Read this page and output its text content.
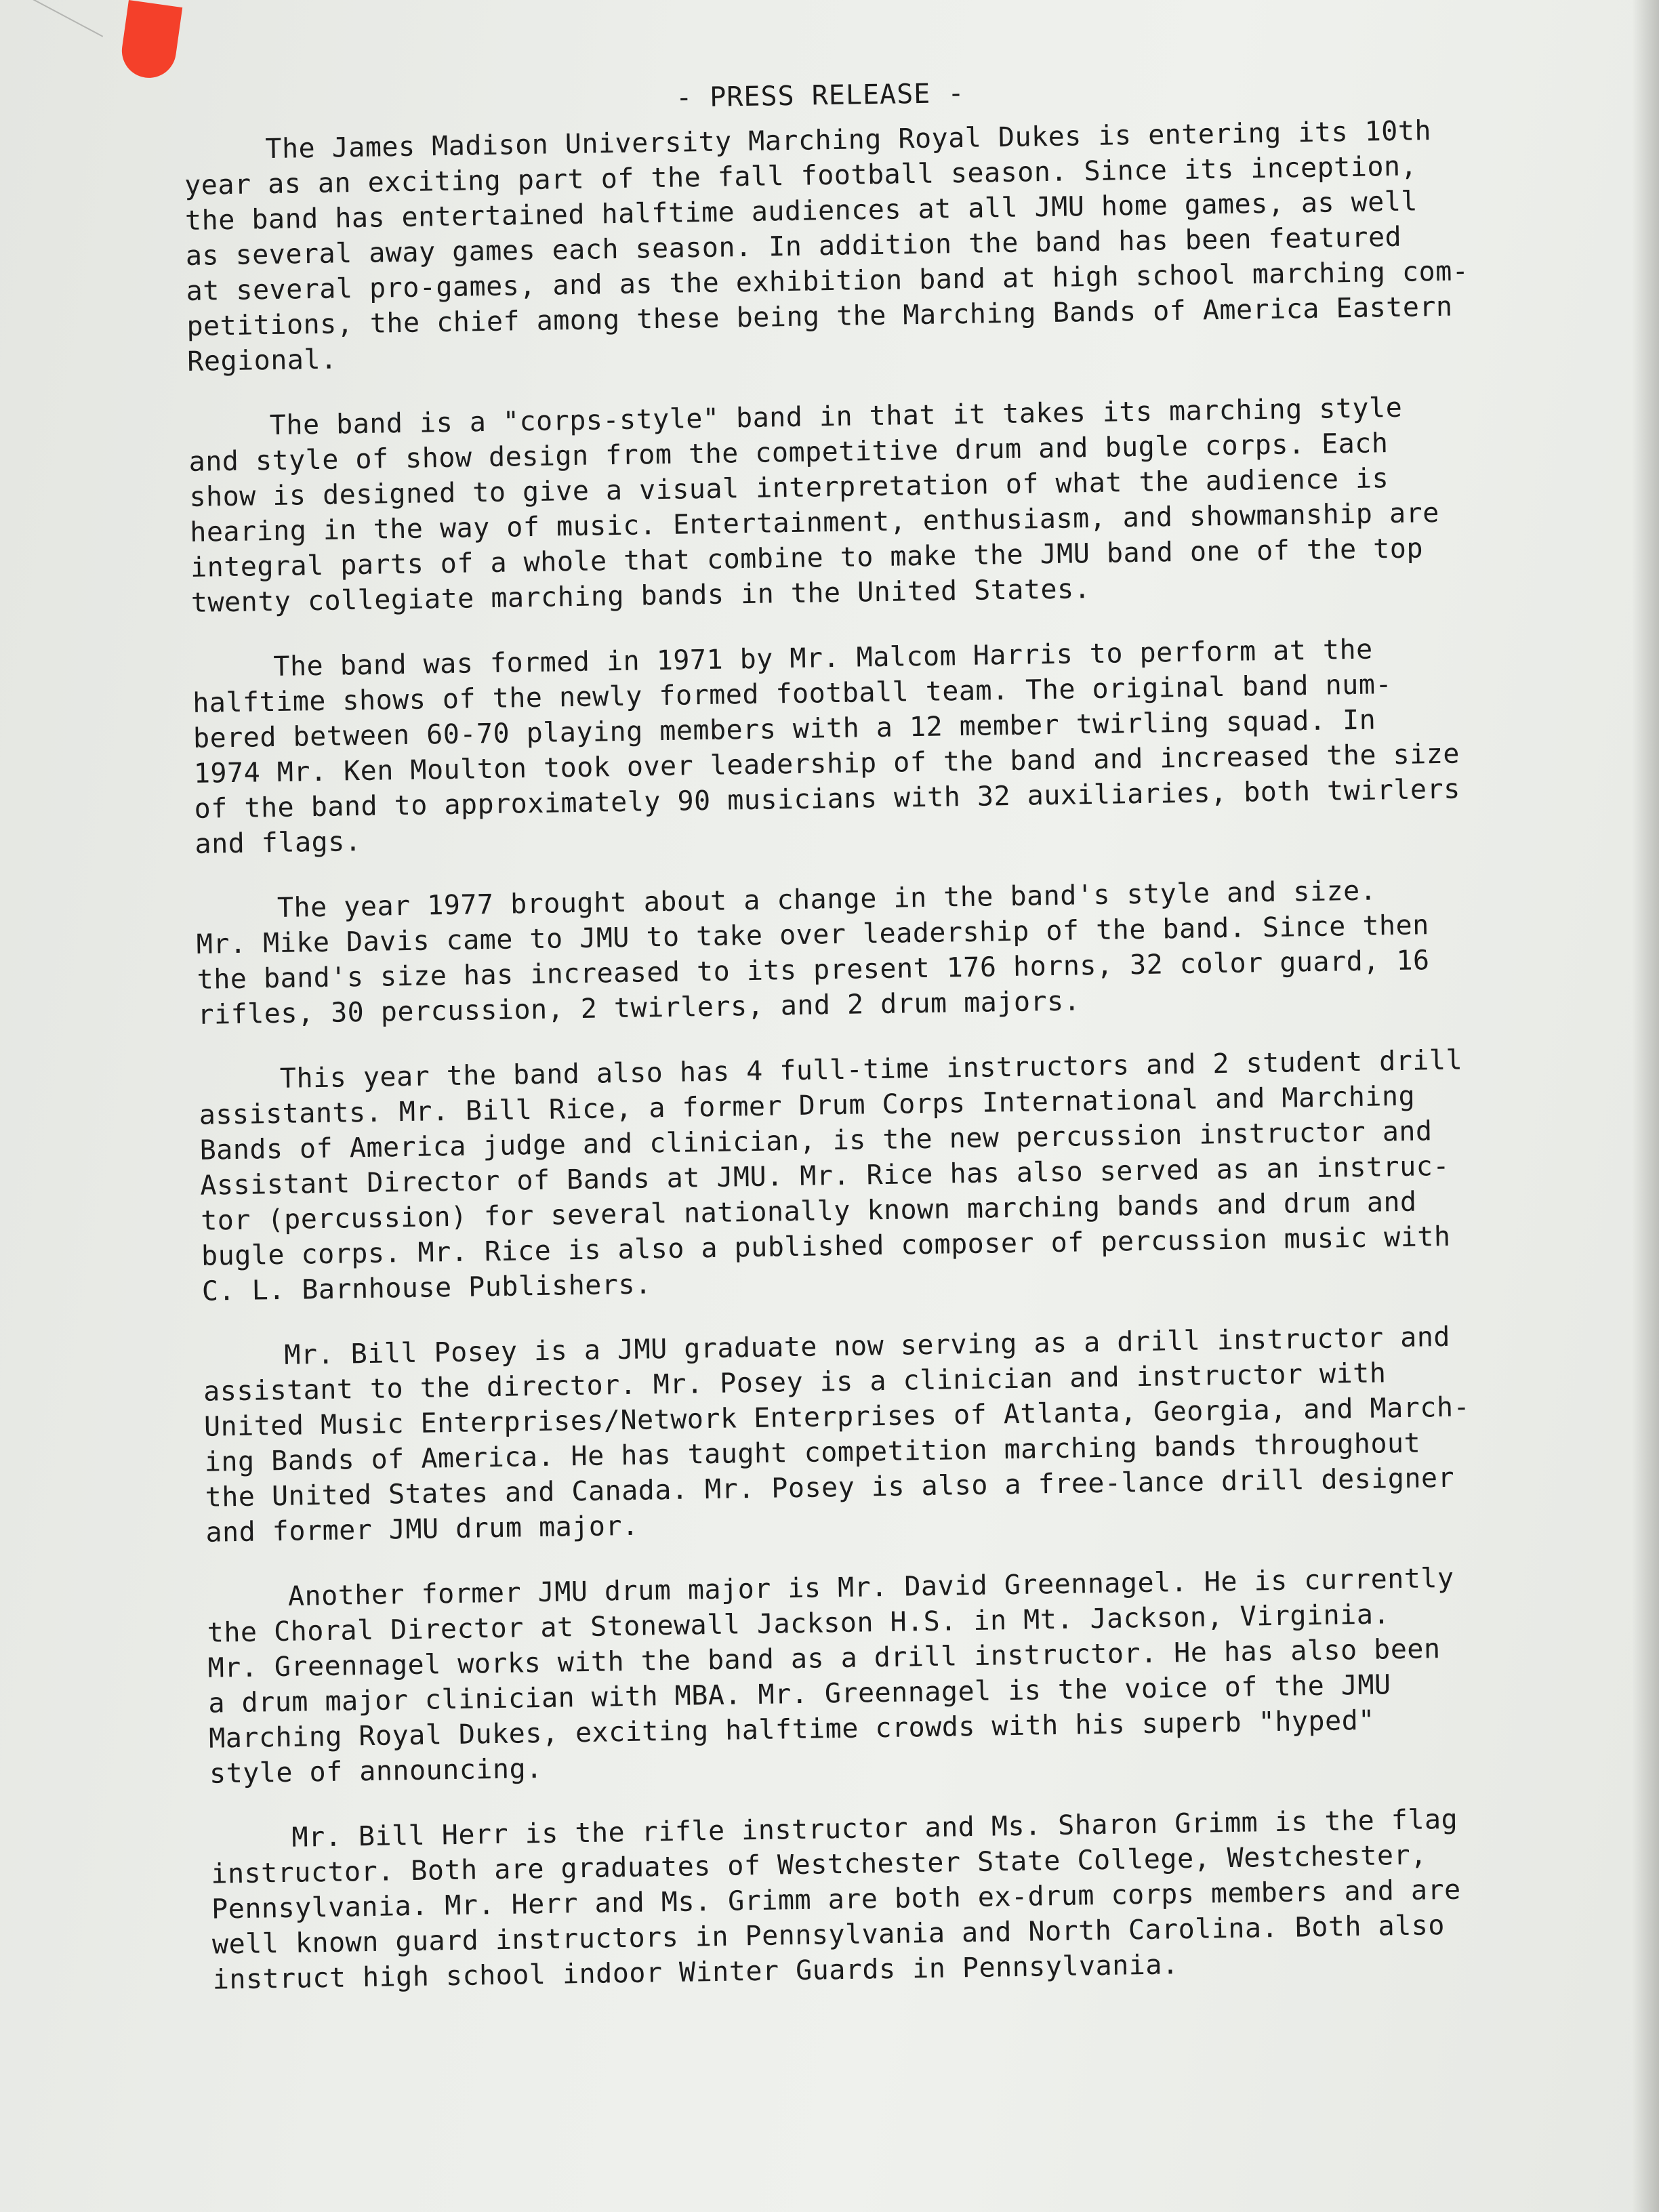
- PRESS RELEASE -

The James Madison University Marching Royal Dukes is entering its 10th
year as an exciting part of the fall football season. Since its inception,
the band has entertained halftime audiences at all JMU home games, as well
as several away games each season. In addition the band has been featured
at several pro-games, and as the exhibition band at high school marching com-
petitions, the chief among these being the Marching Bands of America Eastern
Regional.

The band is a "corps-style" band in that it takes its marching style
and style of show design from the competitive drum and bugle corps. Each
show is designed to give a visual interpretation of what the audience is
hearing in the way of music. Entertainment, enthusiasm, and showmanship are
integral parts of a whole that combine to make the JMU band one of the top
twenty collegiate marching bands in the United States.

The band was formed in 1971 by Mr. Malcom Harris to perform at the
halftime shows of the newly formed football team. The original band num-
bered between 60-70 playing members with a 12 member twirling squad. In
1974 Mr. Ken Moulton took over leadership of the band and increased the size
of the band to approximately 90 musicians with 32 auxiliaries, both twirlers
and flags.

The year 1977 brought about a change in the band's style and size.
Mr. Mike Davis came to JMU to take over leadership of the band. Since then
the band's size has increased to its present 176 horns, 32 color guard, 16
rifles, 30 percussion, 2 twirlers, and 2 drum majors.

This year the band also has 4 full-time instructors and 2 student drill
assistants. Mr. Bill Rice, a former Drum Corps International and Marching
Bands of America judge and clinician, is the new percussion instructor and
Assistant Director of Bands at JMU. Mr. Rice has also served as an instruc-
tor (percussion) for several nationally known marching bands and drum and
bugle corps. Mr. Rice is also a published composer of percussion music with
C. L. Barnhouse Publishers.

Mr. Bill Posey is a JMU graduate now serving as a drill instructor and
assistant to the director. Mr. Posey is a clinician and instructor with
United Music Enterprises/Network Enterprises of Atlanta, Georgia, and March-
ing Bands of America. He has taught competition marching bands throughout
the United States and Canada. Mr. Posey is also a free-lance drill designer
and former JMU drum major.

Another former JMU drum major is Mr. David Greennagel. He is currently
the Choral Director at Stonewall Jackson H.S. in Mt. Jackson, Virginia.
Mr. Greennagel works with the band as a drill instructor. He has also been
a drum major clinician with MBA. Mr. Greennagel is the voice of the JMU
Marching Royal Dukes, exciting halftime crowds with his superb "hyped"
style of announcing.

Mr. Bill Herr is the rifle instructor and Ms. Sharon Grimm is the flag
instructor. Both are graduates of Westchester State College, Westchester,
Pennsylvania. Mr. Herr and Ms. Grimm are both ex-drum corps members and are
well known guard instructors in Pennsylvania and North Carolina. Both also
instruct high school indoor Winter Guards in Pennsylvania.
